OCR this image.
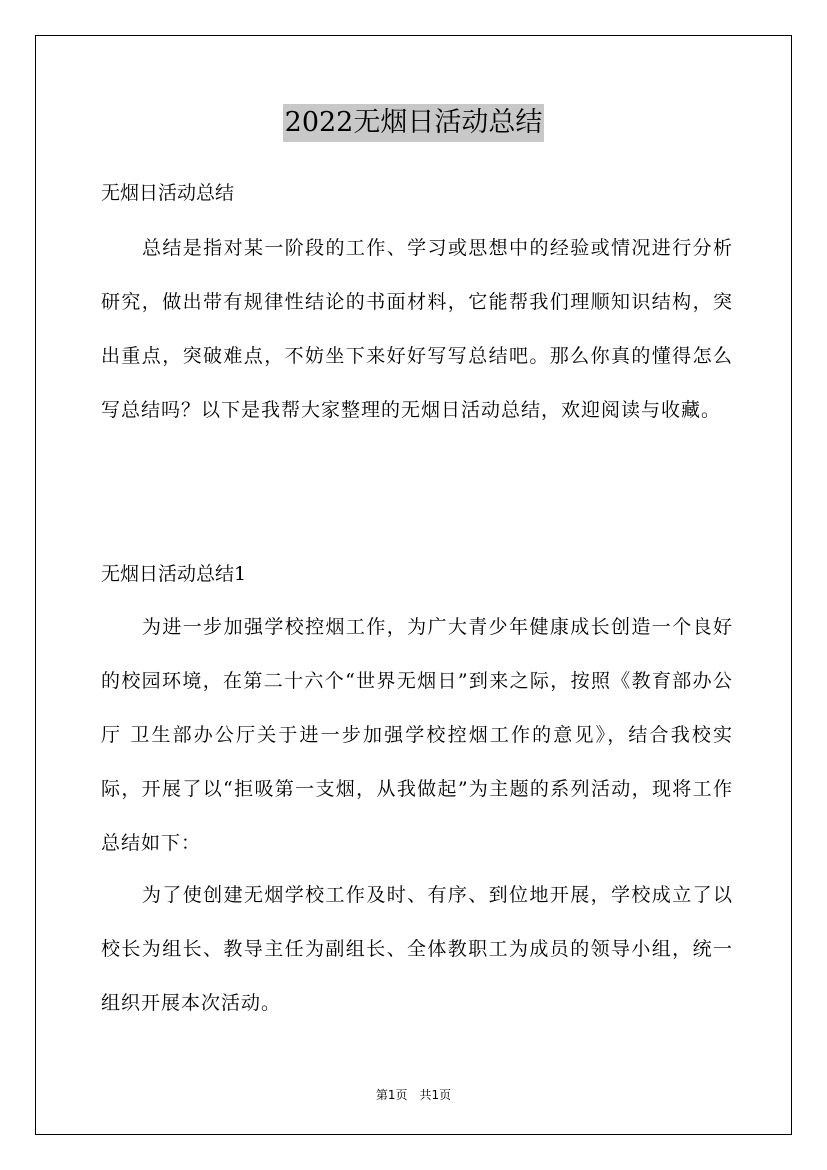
2022无烟日活动总结
无烟日活动总结
总结是指对某一阶段的工作、学习或思想中的经验或情况进行分析研究，做出带有规律性结论的书面材料，它能帮我们理顺知识结构，突出重点，突破难点，不妨坐下来好好写写总结吧。那么你真的懂得怎么写总结吗？以下是我帮大家整理的无烟日活动总结，欢迎阅读与收藏。
无烟日活动总结1
为进一步加强学校控烟工作，为广大青少年健康成长创造一个良好的校园环境，在第二十六个“世界无烟日”到来之际，按照《教育部办公厅 卫生部办公厅关于进一步加强学校控烟工作的意见》，结合我校实际，开展了以“拒吸第一支烟，从我做起”为主题的系列活动，现将工作总结如下：
为了使创建无烟学校工作及时、有序、到位地开展，学校成立了以校长为组长、教导主任为副组长、全体教职工为成员的领导小组，统一组织开展本次活动。
第1页　共1页
